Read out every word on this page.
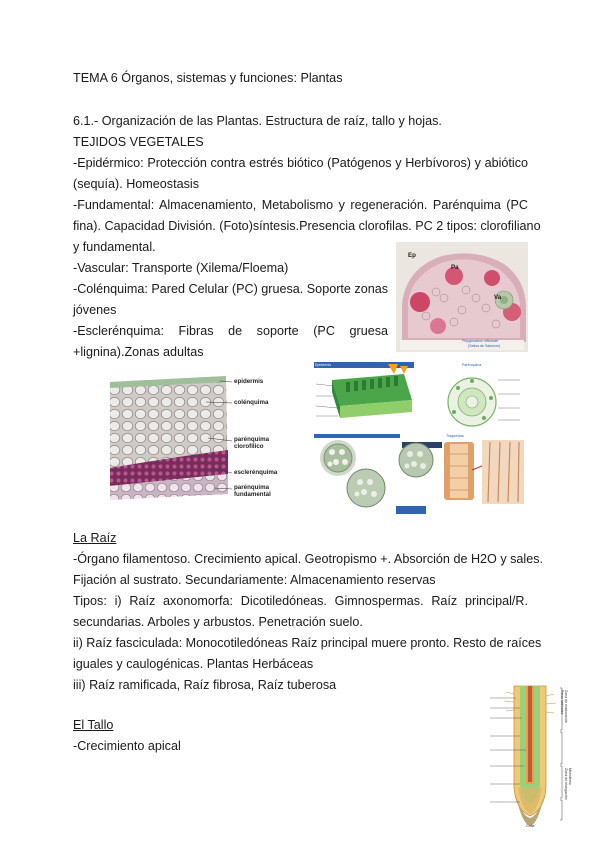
TEMA 6 Órganos, sistemas y funciones: Plantas
6.1.- Organización de las Plantas. Estructura de raíz, tallo y hojas.
TEJIDOS VEGETALES
-Epidérmico: Protección contra estrés biótico (Patógenos y Herbívoros) y abiótico
(sequía). Homeostasis
-Fundamental: Almacenamiento, Metabolismo y regeneración. Parénquima (PC
fina). Capacidad División. (Foto)síntesis.Presencia clorofilas. PC 2 tipos: clorofiliano
y fundamental.
-Vascular: Transporte (Xilema/Floema)
-Colénquima: Pared Celular (PC) gruesa. Soporte zonas
jóvenes
-Esclerénquima: Fibras de soporte (PC gruesa
+lignina).Zonas adultas
La Raíz
-Órgano filamentoso. Crecimiento apical. Geotropismo +. Absorción de H2O y sales.
Fijación al sustrato. Secundariamente: Almacenamiento reservas
Tipos: i) Raíz axonomorfa: Dicotiledóneas. Gimnospermas. Raíz principal/R.
secundarias. Arboles y arbustos. Penetración suelo.
ii) Raíz fasciculada: Monocotiledóneas Raíz principal muere pronto. Resto de raíces
iguales y caulogénicas. Plantas Herbáceas
iii) Raíz ramificada, Raíz fibrosa, Raíz tuberosa
El Tallo
-Crecimiento apical
Ep
Pa
Va
Polygonatum officinale
(Sellos de Salomón)
epidermis
colénquima
parénquima
clorofílico
esclerénquima
parénquima
fundamental
Epidermis	Parénquima
Traqueidas
Pelos radicales Zona de maduración
Zona de elongación Meristemo
Cofia
